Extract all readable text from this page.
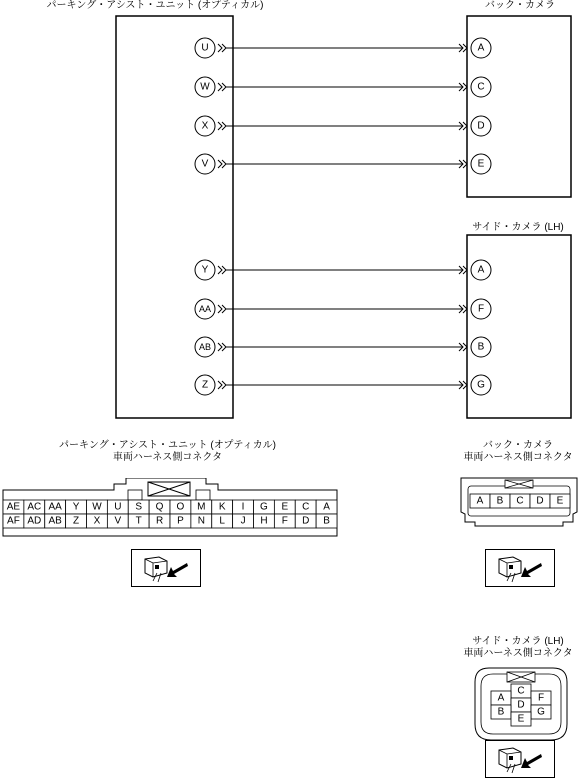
パーキング・アシスト・ユニット (オプティカル)	バック・カメラ
サイド・カメラ (LH)
U	A
W	C
X	D
V	E
Y	A
AA	F
AB	B
Z	G
パーキング・アシスト・ユニット (オプティカル)
車両ハーネス側コネクタ
バック・カメラ
車両ハーネス側コネクタ
サイド・カメラ (LH)
車両ハーネス側コネクタ
AE AC AA Y W U S Q O M K I G E C A
AF AD AB Z X V T R P N L J H F D B
A B C D E
C
A	F
D
B	G
E
